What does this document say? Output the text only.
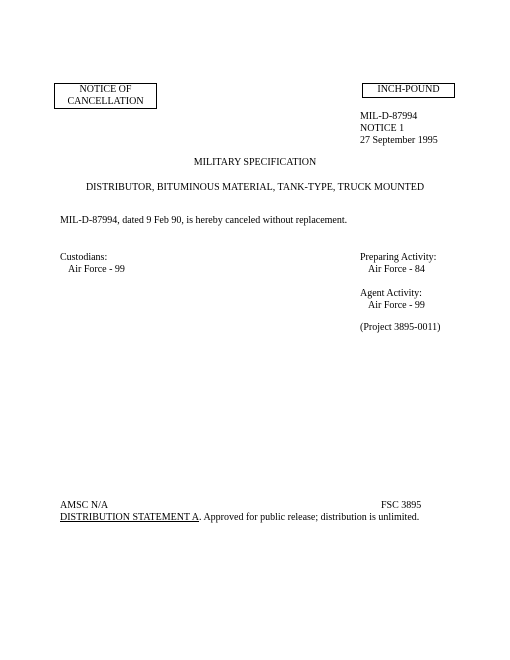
NOTICE OF
CANCELLATION
INCH-POUND
MIL-D-87994
NOTICE 1
27 September 1995
MILITARY SPECIFICATION
DISTRIBUTOR, BITUMINOUS MATERIAL, TANK-TYPE, TRUCK MOUNTED
MIL-D-87994, dated 9 Feb 90, is hereby canceled without replacement.
Custodians:
Air Force - 99
Preparing Activity:
Air Force - 84
Agent Activity:
Air Force - 99
(Project 3895-0011)
AMSC N/A	FSC 3895
DISTRIBUTION STATEMENT A. Approved for public release; distribution is unlimited.
